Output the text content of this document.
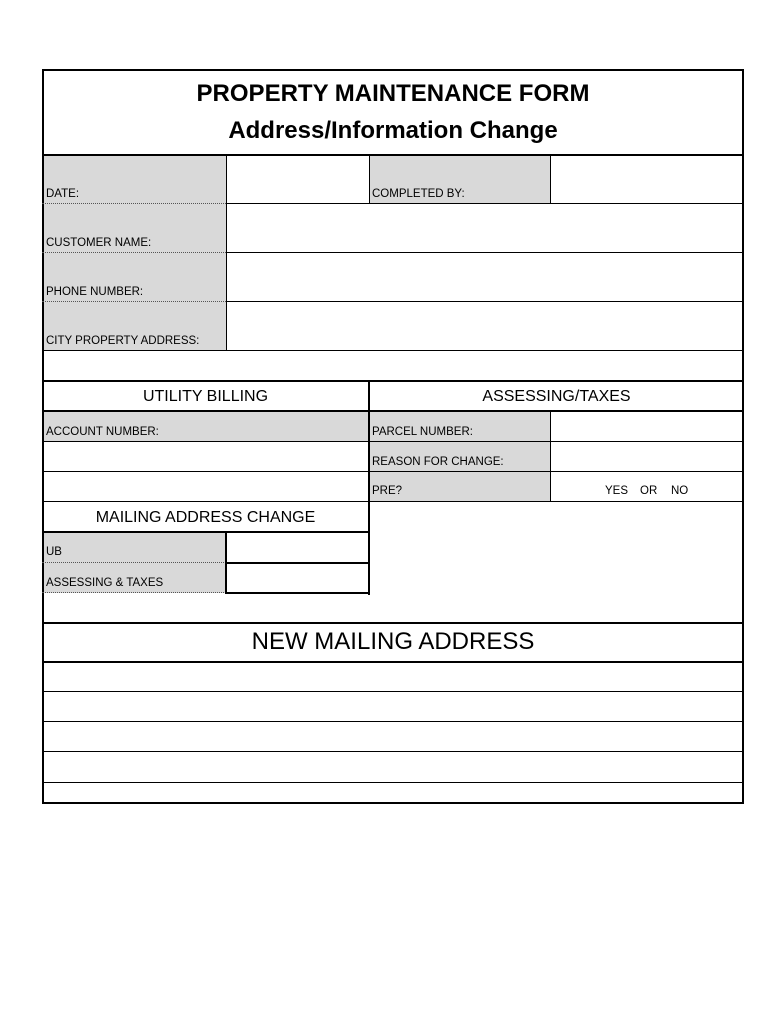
PROPERTY MAINTENANCE FORM
Address/Information Change
DATE:	COMPLETED BY:
CUSTOMER NAME:
PHONE NUMBER:
CITY PROPERTY ADDRESS:
UTILITY BILLING	ASSESSING/TAXES
ACCOUNT NUMBER:	PARCEL NUMBER:
REASON FOR CHANGE:
PRE?	YES OR NO
MAILING ADDRESS CHANGE
UB
ASSESSING & TAXES
NEW MAILING ADDRESS
